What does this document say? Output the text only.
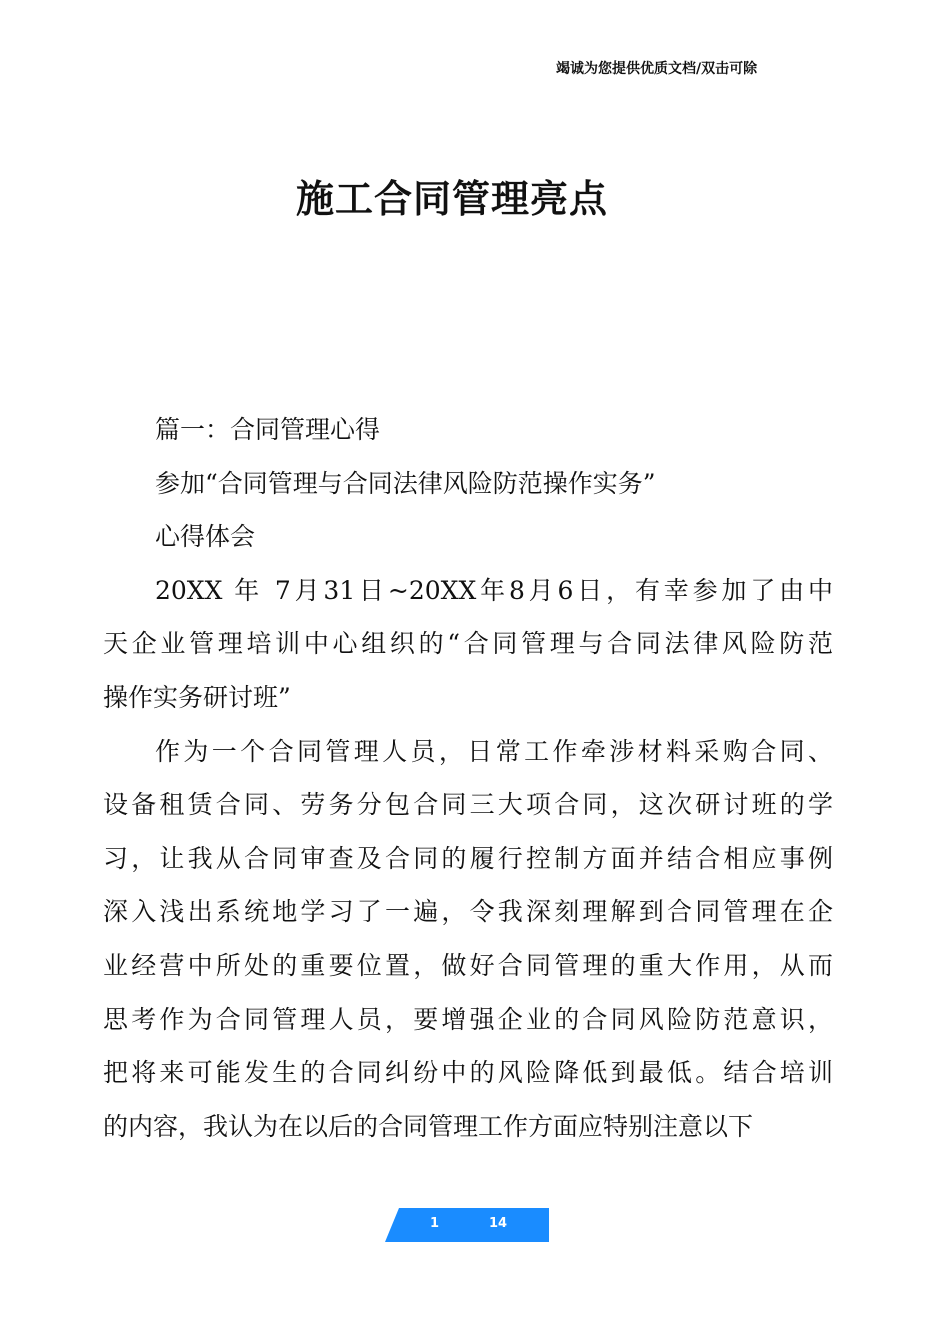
竭诚为您提供优质文档/双击可除
施工合同管理亮点

篇一：合同管理心得

参加“合同管理与合同法律风险防范操作实务”

心得体会

20XX 年 7月31日~20XX年8月6日，有幸参加了由中
天企业管理培训中心组织的“合同管理与合同法律风险防范
操作实务研讨班”
作为一个合同管理人员，日常工作牵涉材料采购合同、
设备租赁合同、劳务分包合同三大项合同，这次研讨班的学
习，让我从合同审查及合同的履行控制方面并结合相应事例
深入浅出系统地学习了一遍，令我深刻理解到合同管理在企
业经营中所处的重要位置，做好合同管理的重大作用，从而
思考作为合同管理人员，要增强企业的合同风险防范意识，
把将来可能发生的合同纠纷中的风险降低到最低。结合培训
的内容，我认为在以后的合同管理工作方面应特别注意以下
1	14
